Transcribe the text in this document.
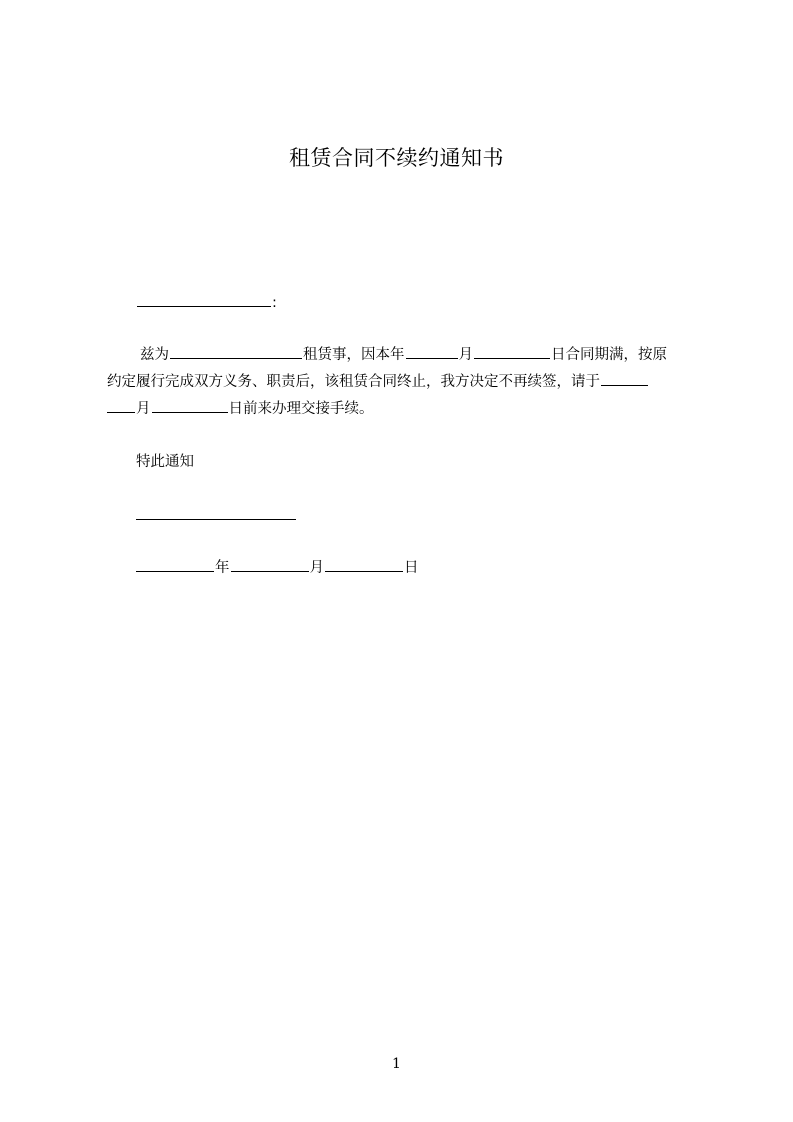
租赁合同不续约通知书
:
兹为	租赁事，因本年	月	日合同期满，按原
约定履行完成双方义务、职责后，该租赁合同终止，我方决定不再续签，请于
月	日前来办理交接手续。
特此通知
年	月	日
1
